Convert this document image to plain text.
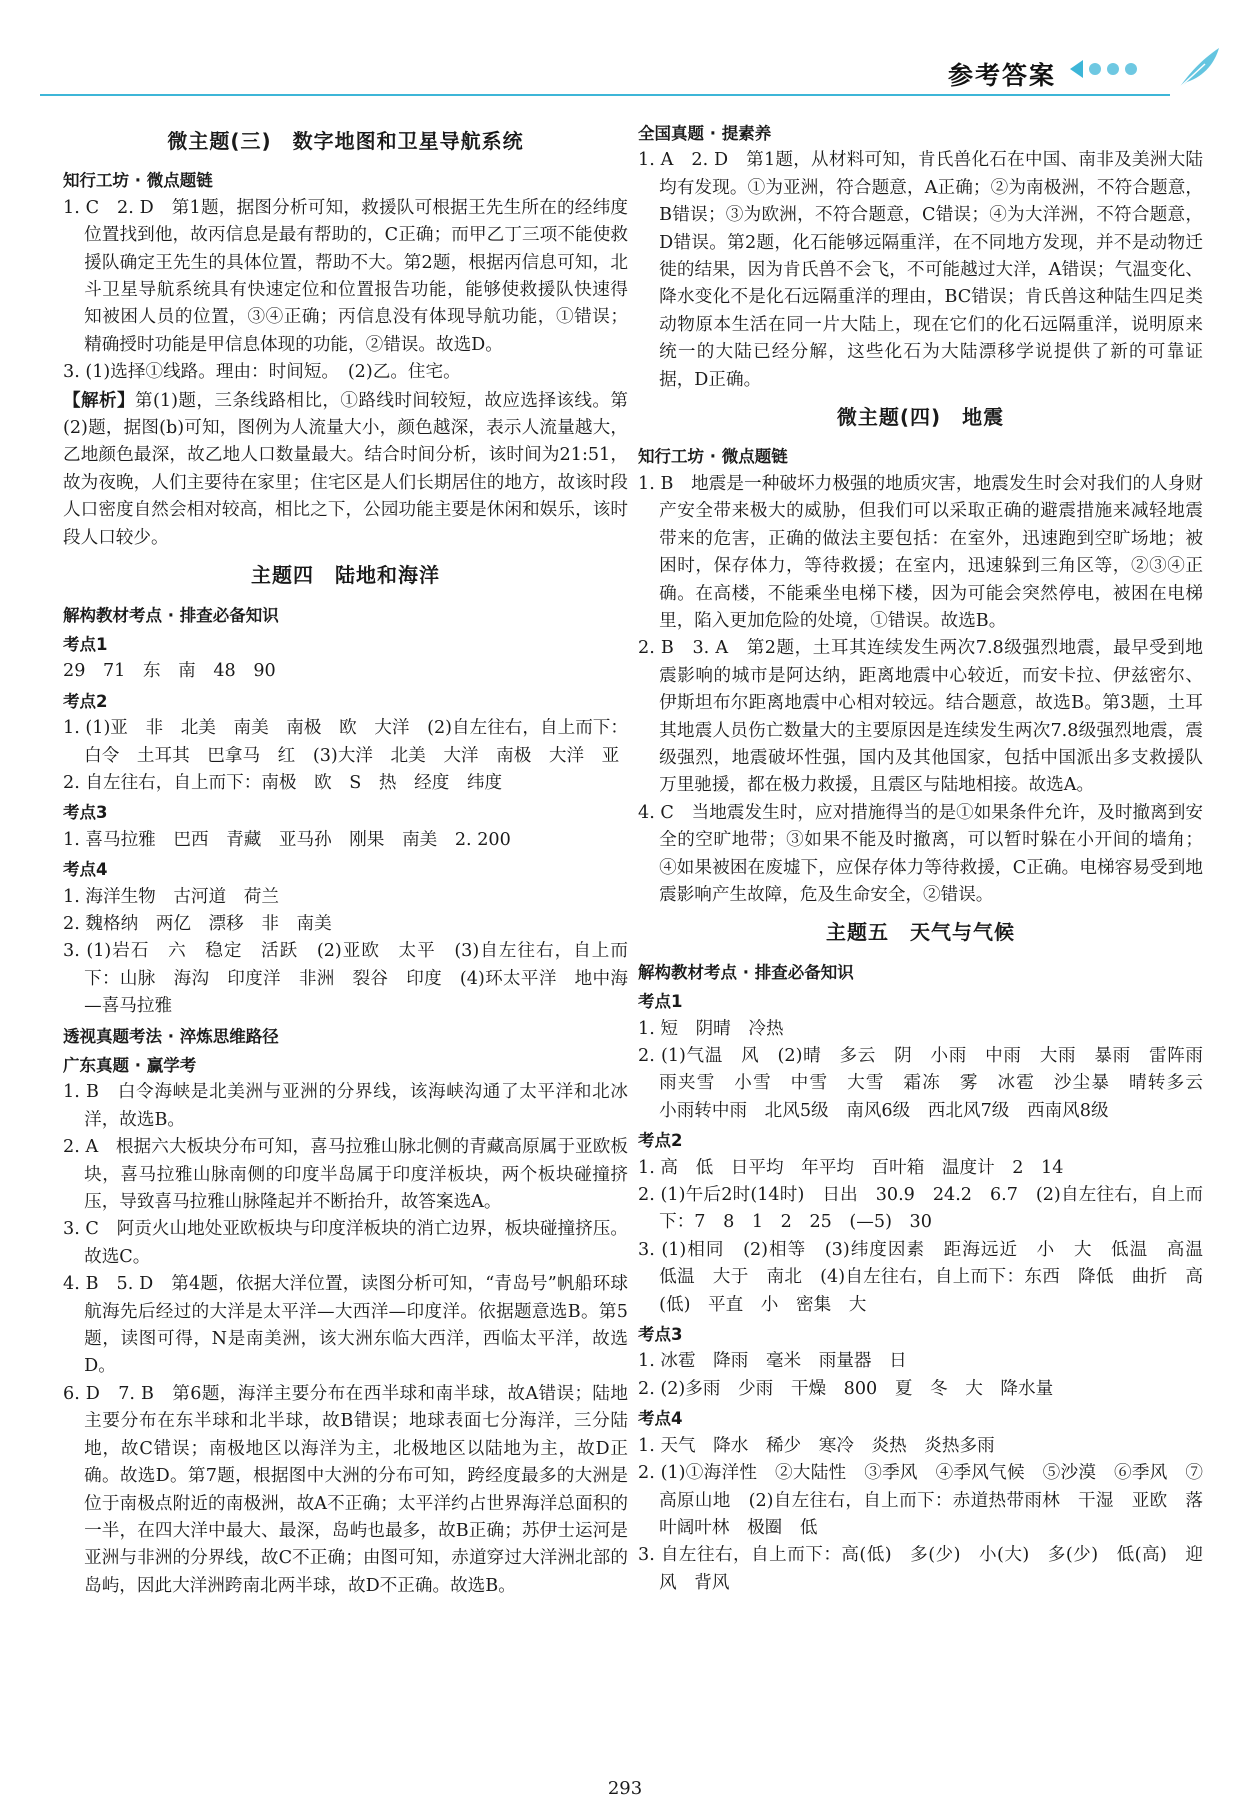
参考答案
微主题(三)　数字地图和卫星导航系统
知行工坊 · 微点题链

1. C　2. D　第1题，据图分析可知，救援队可根据王先生所在的经纬度位置找到他，故丙信息是最有帮助的，C正确；而甲乙丁三项不能使救援队确定王先生的具体位置，帮助不大。第2题，根据丙信息可知，北斗卫星导航系统具有快速定位和位置报告功能，能够使救援队快速得知被困人员的位置，③④正确；丙信息没有体现导航功能，①错误；精确授时功能是甲信息体现的功能，②错误。故选D。

3. (1)选择①线路。理由：时间短。　(2)乙。住宅。

【解析】第(1)题，三条线路相比，①路线时间较短，故应选择该线。第(2)题，据图(b)可知，图例为人流量大小，颜色越深，表示人流量越大，乙地颜色最深，故乙地人口数量最大。结合时间分析，该时间为21:51，故为夜晚，人们主要待在家里；住宅区是人们长期居住的地方，故该时段人口密度自然会相对较高，相比之下，公园功能主要是休闲和娱乐，该时段人口较少。

主题四　陆地和海洋
解构教材考点 · 排查必备知识
考点1

29　71　东　南　48　90

考点2

1. (1)亚　非　北美　南美　南极　欧　大洋　(2)自左往右，自上而下：白令　土耳其　巴拿马　红　(3)大洋　北美　大洋　南极　大洋　亚

2. 自左往右，自上而下：南极　欧　S　热　经度　纬度

考点3

1. 喜马拉雅　巴西　青藏　亚马孙　刚果　南美　2. 200

考点4

1. 海洋生物　古河道　荷兰

2. 魏格纳　两亿　漂移　非　南美

3. (1)岩石　六　稳定　活跃　(2)亚欧　太平　(3)自左往右，自上而下：山脉　海沟　印度洋　非洲　裂谷　印度　(4)环太平洋　地中海—喜马拉雅

透视真题考法 · 淬炼思维路径
广东真题 · 赢学考

1. B　白令海峡是北美洲与亚洲的分界线，该海峡沟通了太平洋和北冰洋，故选B。

2. A　根据六大板块分布可知，喜马拉雅山脉北侧的青藏高原属于亚欧板块，喜马拉雅山脉南侧的印度半岛属于印度洋板块，两个板块碰撞挤压，导致喜马拉雅山脉隆起并不断抬升，故答案选A。

3. C　阿贡火山地处亚欧板块与印度洋板块的消亡边界，板块碰撞挤压。故选C。

4. B　5. D　第4题，依据大洋位置，读图分析可知，“青岛号”帆船环球航海先后经过的大洋是太平洋—大西洋—印度洋。依据题意选B。第5题，读图可得，N是南美洲，该大洲东临大西洋，西临太平洋，故选D。

6. D　7. B　第6题，海洋主要分布在西半球和南半球，故A错误；陆地主要分布在东半球和北半球，故B错误；地球表面七分海洋，三分陆地，故C错误；南极地区以海洋为主，北极地区以陆地为主，故D正确。故选D。第7题，根据图中大洲的分布可知，跨经度最多的大洲是位于南极点附近的南极洲，故A不正确；太平洋约占世界海洋总面积的一半，在四大洋中最大、最深，岛屿也最多，故B正确；苏伊士运河是亚洲与非洲的分界线，故C不正确；由图可知，赤道穿过大洋洲北部的岛屿，因此大洋洲跨南北两半球，故D不正确。故选B。

全国真题 · 提素养

1. A　2. D　第1题，从材料可知，肯氏兽化石在中国、南非及美洲大陆均有发现。①为亚洲，符合题意，A正确；②为南极洲，不符合题意，B错误；③为欧洲，不符合题意，C错误；④为大洋洲，不符合题意，D错误。第2题，化石能够远隔重洋，在不同地方发现，并不是动物迁徙的结果，因为肯氏兽不会飞，不可能越过大洋，A错误；气温变化、降水变化不是化石远隔重洋的理由，BC错误；肯氏兽这种陆生四足类动物原本生活在同一片大陆上，现在它们的化石远隔重洋，说明原来统一的大陆已经分解，这些化石为大陆漂移学说提供了新的可靠证据，D正确。

微主题(四)　地震
知行工坊 · 微点题链

1. B　地震是一种破坏力极强的地质灾害，地震发生时会对我们的人身财产安全带来极大的威胁，但我们可以采取正确的避震措施来减轻地震带来的危害，正确的做法主要包括：在室外，迅速跑到空旷场地；被困时，保存体力，等待救援；在室内，迅速躲到三角区等，②③④正确。在高楼，不能乘坐电梯下楼，因为可能会突然停电，被困在电梯里，陷入更加危险的处境，①错误。故选B。

2. B　3. A　第2题，土耳其连续发生两次7.8级强烈地震，最早受到地震影响的城市是阿达纳，距离地震中心较近，而安卡拉、伊兹密尔、伊斯坦布尔距离地震中心相对较远。结合题意，故选B。第3题，土耳其地震人员伤亡数量大的主要原因是连续发生两次7.8级强烈地震，震级强烈，地震破坏性强，国内及其他国家，包括中国派出多支救援队万里驰援，都在极力救援，且震区与陆地相接。故选A。

4. C　当地震发生时，应对措施得当的是①如果条件允许，及时撤离到安全的空旷地带；③如果不能及时撤离，可以暂时躲在小开间的墙角；④如果被困在废墟下，应保存体力等待救援，C正确。电梯容易受到地震影响产生故障，危及生命安全，②错误。

主题五　天气与气候
解构教材考点 · 排查必备知识
考点1

1. 短　阴晴　冷热

2. (1)气温　风　(2)晴　多云　阴　小雨　中雨　大雨　暴雨　雷阵雨　雨夹雪　小雪　中雪　大雪　霜冻　雾　冰雹　沙尘暴　晴转多云　小雨转中雨　北风5级　南风6级　西北风7级　西南风8级

考点2

1. 高　低　日平均　年平均　百叶箱　温度计　2　14

2. (1)午后2时(14时)　日出　30.9　24.2　6.7　(2)自左往右，自上而下：7　8　1　2　25　(—5)　30

3. (1)相同　(2)相等　(3)纬度因素　距海远近　小　大　低温　高温　低温　大于　南北　(4)自左往右，自上而下：东西　降低　曲折　高(低)　平直　小　密集　大

考点3

1. 冰雹　降雨　毫米　雨量器　日

2. (2)多雨　少雨　干燥　800　夏　冬　大　降水量

考点4

1. 天气　降水　稀少　寒冷　炎热　炎热多雨

2. (1)①海洋性　②大陆性　③季风　④季风气候　⑤沙漠　⑥季风　⑦高原山地　(2)自左往右，自上而下：赤道热带雨林　干湿　亚欧　落叶阔叶林　极圈　低

3. 自左往右，自上而下：高(低)　多(少)　小(大)　多(少)　低(高)　迎风　背风

293
